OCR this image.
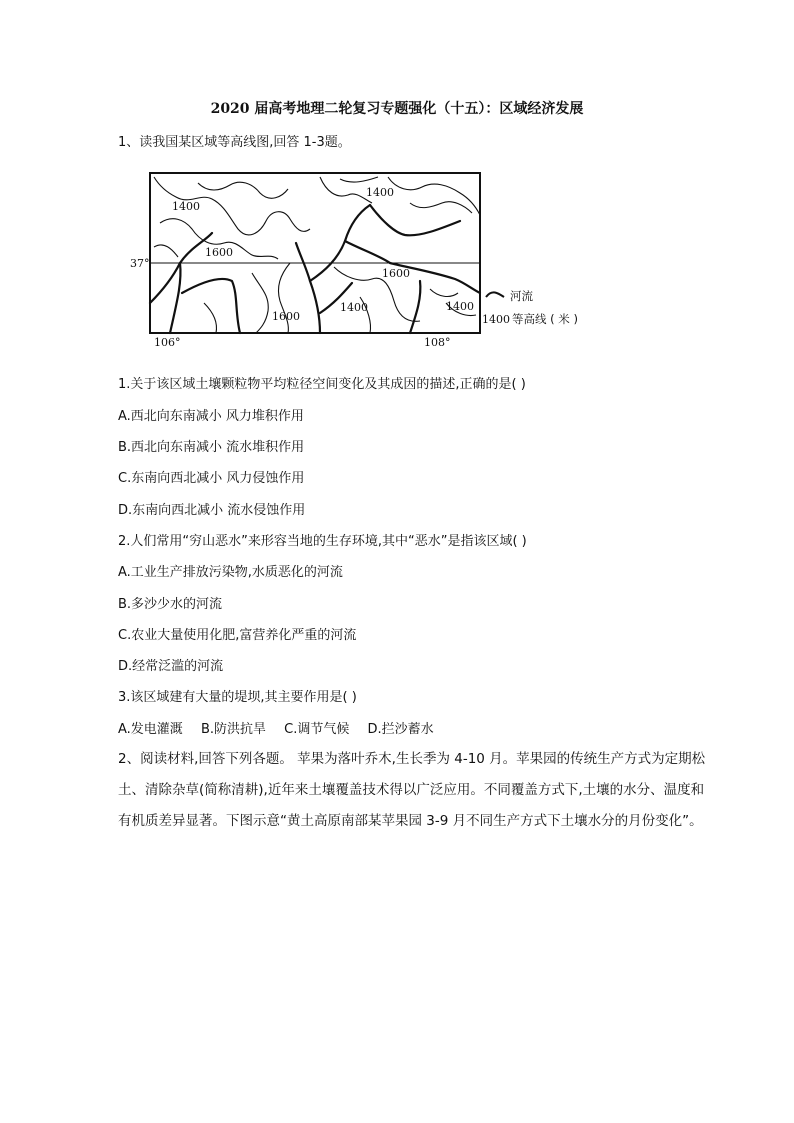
2020 届高考地理二轮复习专题强化（十五）：区域经济发展
1、读我国某区域等高线图,回答 1-3题。
1400
1600
1400
1600
1400
1600
1400
37°
106°	108°
河流
1400 等高线 ( 米 )
1.关于该区域土壤颗粒物平均粒径空间变化及其成因的描述,正确的是( )
A.西北向东南减小 风力堆积作用
B.西北向东南减小 流水堆积作用
C.东南向西北减小 风力侵蚀作用
D.东南向西北减小 流水侵蚀作用
2.人们常用“穷山恶水”来形容当地的生存环境,其中“恶水”是指该区域( )
A.工业生产排放污染物,水质恶化的河流
B.多沙少水的河流
C.农业大量使用化肥,富营养化严重的河流
D.经常泛滥的河流
3.该区域建有大量的堤坝,其主要作用是( )
A.发电灌溉 B.防洪抗旱 C.调节气候 D.拦沙蓄水
2、阅读材料,回答下列各题。 苹果为落叶乔木,生长季为 4-10 月。苹果园的传统生产方式为定期松土、清除杂草(简称清耕),近年来土壤覆盖技术得以广泛应用。不同覆盖方式下,土壤的水分、温度和有机质差异显著。下图示意“黄土高原南部某苹果园 3-9 月不同生产方式下土壤水分的月份变化”。
